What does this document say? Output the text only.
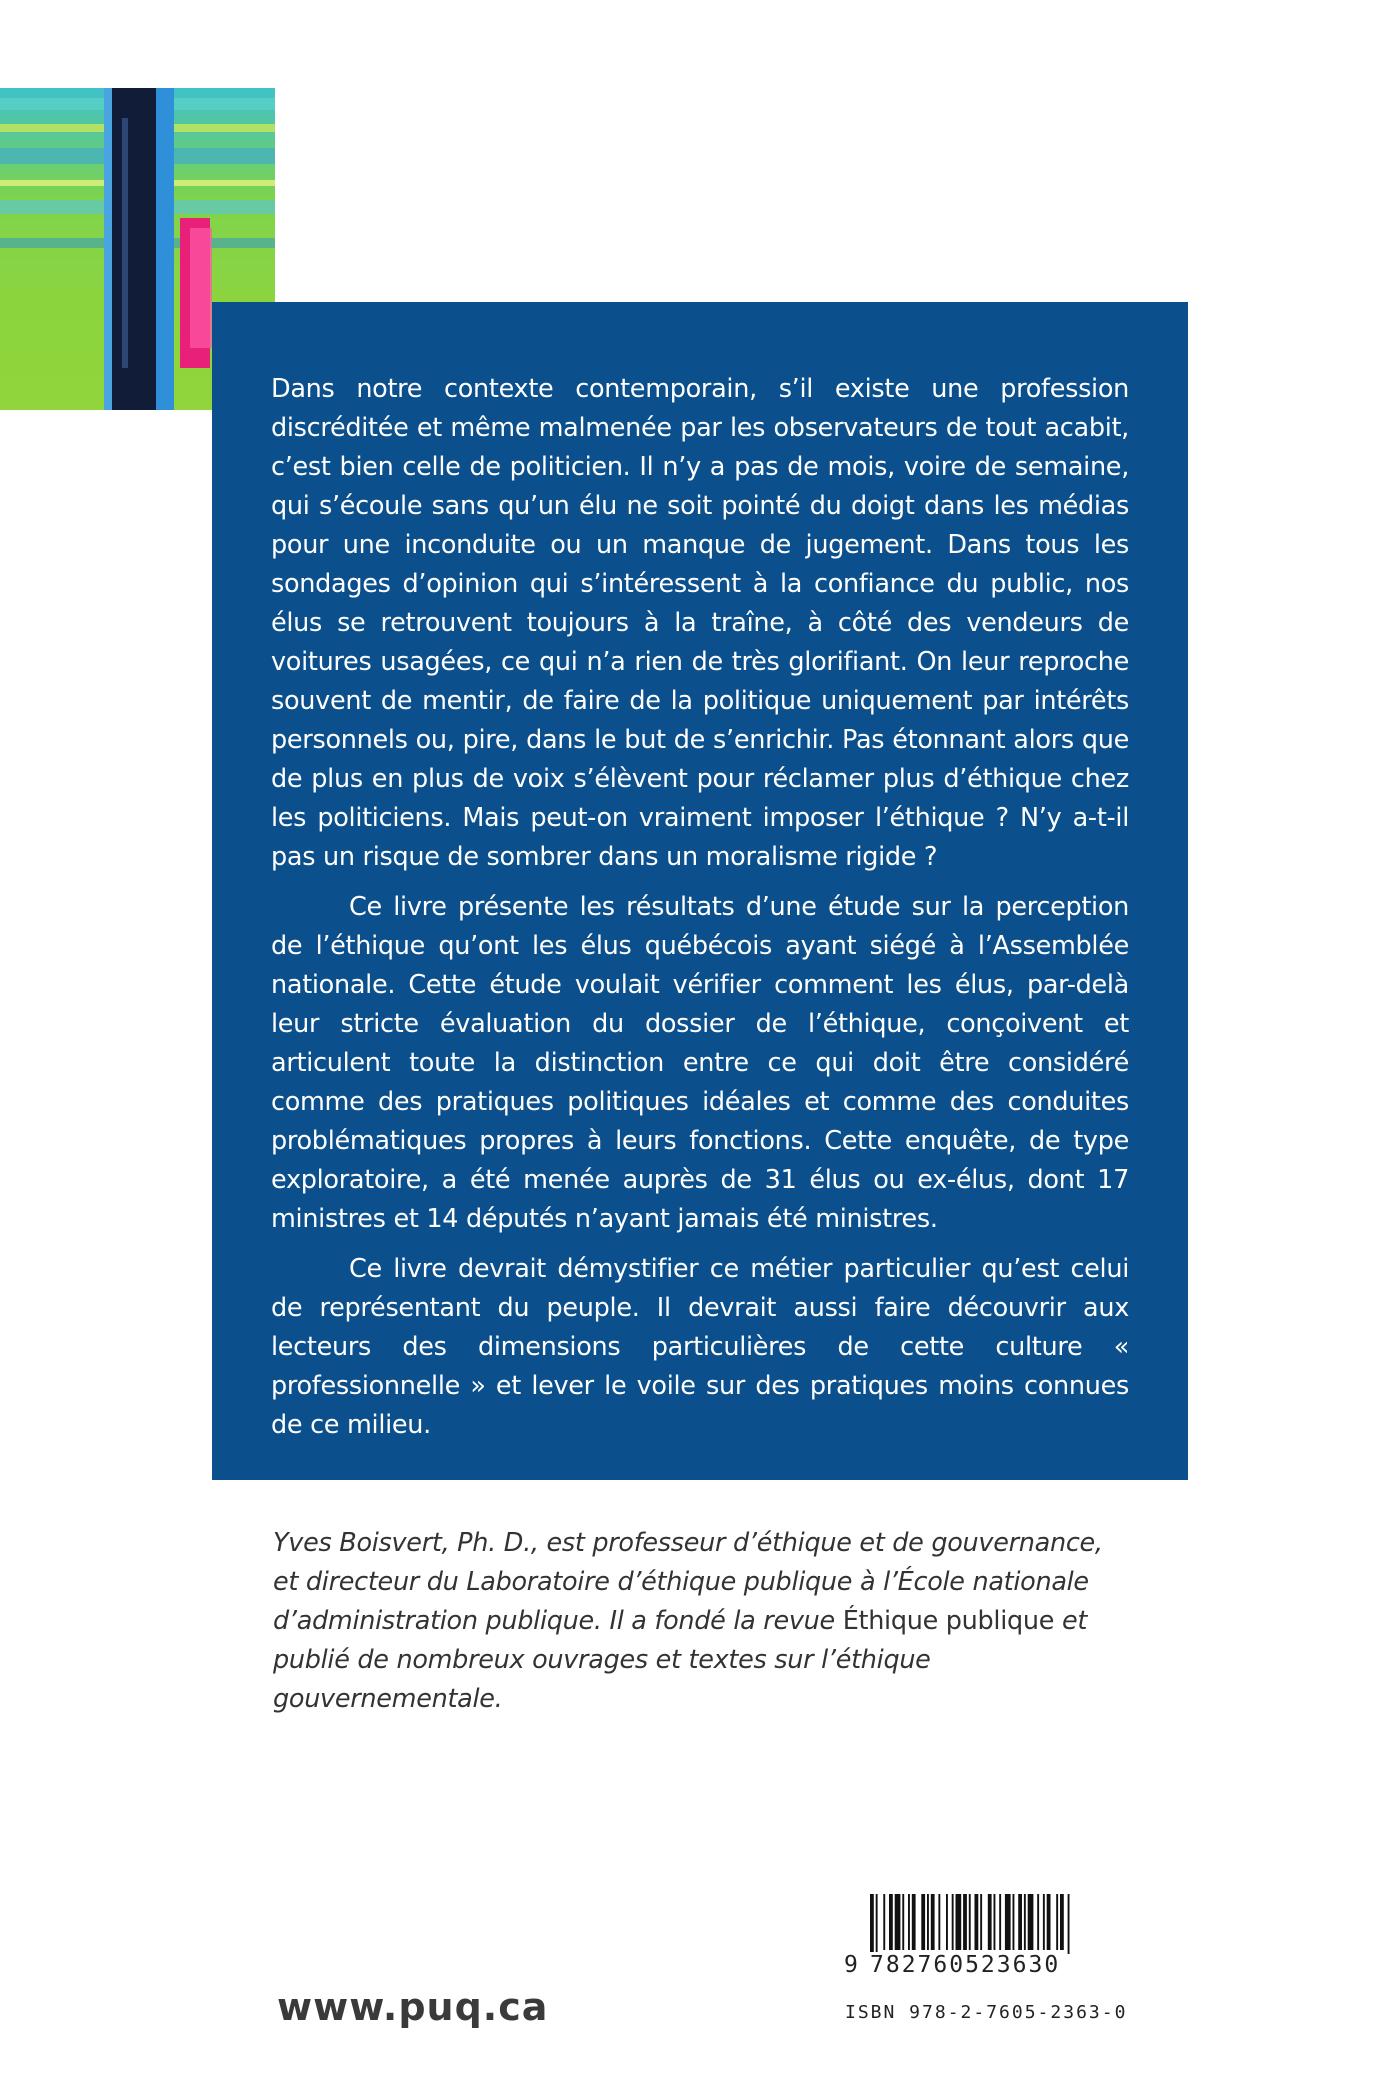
Dans notre contexte contemporain, s’il existe une profession discréditée et même malmenée par les observateurs de tout acabit, c’est bien celle de politicien. Il n’y a pas de mois, voire de semaine, qui s’écoule sans qu’un élu ne soit pointé du doigt dans les médias pour une inconduite ou un manque de jugement. Dans tous les sondages d’opinion qui s’intéressent à la confiance du public, nos élus se retrouvent toujours à la traîne, à côté des vendeurs de voitures usagées, ce qui n’a rien de très glorifiant. On leur reproche souvent de mentir, de faire de la politique uniquement par intérêts personnels ou, pire, dans le but de s’enrichir. Pas étonnant alors que de plus en plus de voix s’élèvent pour réclamer plus d’éthique chez les politiciens. Mais peut-on vraiment imposer l’éthique ? N’y a-t-il pas un risque de sombrer dans un moralisme rigide ?

Ce livre présente les résultats d’une étude sur la perception de l’éthique qu’ont les élus québécois ayant siégé à l’Assemblée nationale. Cette étude voulait vérifier comment les élus, par-delà leur stricte évaluation du dossier de l’éthique, conçoivent et articulent toute la distinction entre ce qui doit être considéré comme des pratiques politiques idéales et comme des conduites problématiques propres à leurs fonctions. Cette enquête, de type exploratoire, a été menée auprès de 31 élus ou ex-élus, dont 17 ministres et 14 députés n’ayant jamais été ministres.

Ce livre devrait démystifier ce métier particulier qu’est celui de représentant du peuple. Il devrait aussi faire découvrir aux lecteurs des dimensions particulières de cette culture « professionnelle » et lever le voile sur des pratiques moins connues de ce milieu.

Yves Boisvert, Ph. D., est professeur d’éthique et de gouvernance, et directeur du Laboratoire d’éthique publique à l’École nationale d’administration publique. Il a fondé la revue Éthique publique et publié de nombreux ouvrages et textes sur l’éthique gouvernementale.
www.puq.ca
9 782760523630
ISBN 978-2-7605-2363-0
